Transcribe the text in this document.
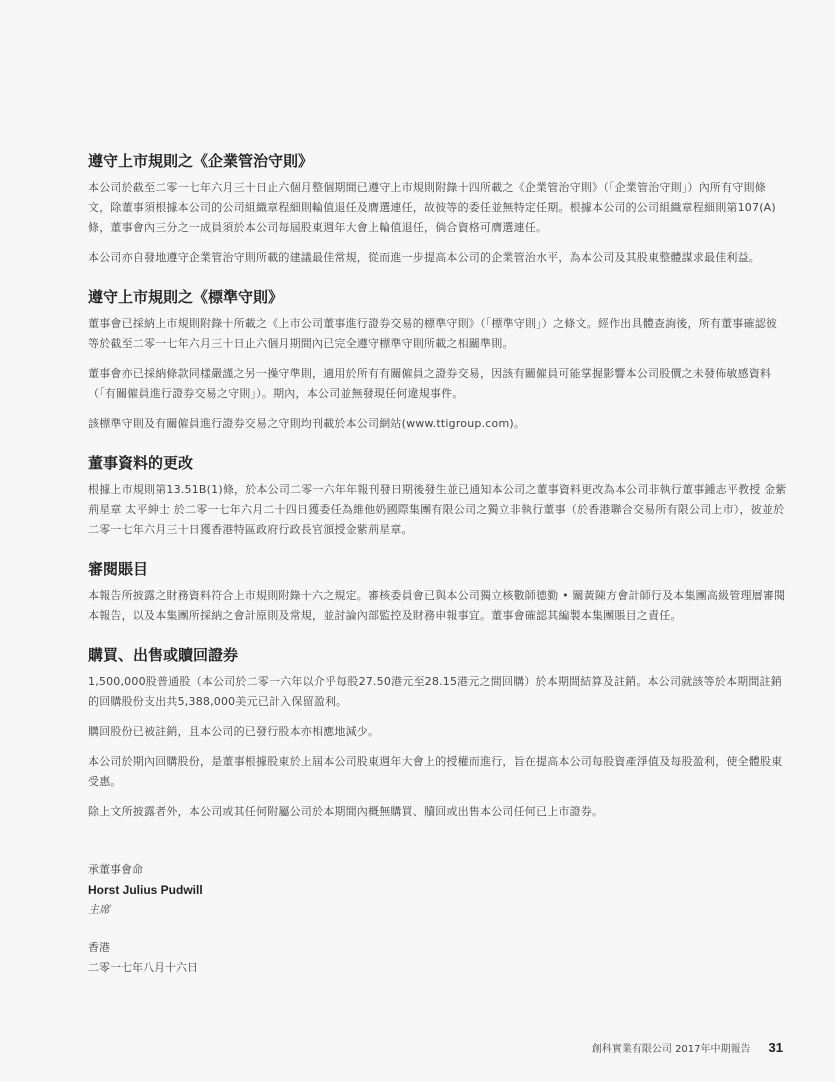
遵守上市規則之《企業管治守則》

本公司於截至二零一七年六月三十日止六個月整個期間已遵守上市規則附錄十四所載之《企業管治守則》（「企業管治守則」）內所有守則條文，除董事須根據本公司的公司組織章程細則輪值退任及膺選連任，故彼等的委任並無特定任期。根據本公司的公司組織章程細則第107(A)條，董事會內三分之一成員須於本公司每屆股東週年大會上輪值退任，倘合資格可膺選連任。

本公司亦自發地遵守企業管治守則所載的建議最佳常規，從而進一步提高本公司的企業管治水平，為本公司及其股東整體謀求最佳利益。

遵守上市規則之《標準守則》

董事會已採納上市規則附錄十所載之《上市公司董事進行證券交易的標準守則》（「標準守則」）之條文。經作出具體查詢後，所有董事確認彼等於截至二零一七年六月三十日止六個月期間內已完全遵守標準守則所載之相關準則。

董事會亦已採納條款同樣嚴謹之另一操守準則，適用於所有有關僱員之證券交易，因該有關僱員可能掌握影響本公司股價之未發佈敏感資料（「有關僱員進行證券交易之守則」）。期內，本公司並無發現任何違規事件。

該標準守則及有關僱員進行證券交易之守則均刊載於本公司網站(www.ttigroup.com)。

董事資料的更改

根據上市規則第13.51B(1)條，於本公司二零一六年年報刊發日期後發生並已通知本公司之董事資料更改為本公司非執行董事鍾志平教授 金紫荊星章 太平紳士 於二零一七年六月二十四日獲委任為維他奶國際集團有限公司之獨立非執行董事（於香港聯合交易所有限公司上市），彼並於二零一七年六月三十日獲香港特區政府行政長官頒授金紫荊星章。

審閱賬目

本報告所披露之財務資料符合上市規則附錄十六之規定。審核委員會已與本公司獨立核數師德勤 • 關黃陳方會計師行及本集團高級管理層審閱本報告，以及本集團所採納之會計原則及常規，並討論內部監控及財務申報事宜。董事會確認其編製本集團賬目之責任。

購買、出售或贖回證券

1,500,000股普通股（本公司於二零一六年以介乎每股27.50港元至28.15港元之間回購）於本期間結算及註銷。本公司就該等於本期間註銷的回購股份支出共5,388,000美元已計入保留盈利。

購回股份已被註銷，且本公司的已發行股本亦相應地減少。

本公司於期內回購股份，是董事根據股東於上屆本公司股東週年大會上的授權而進行，旨在提高本公司每股資產淨值及每股盈利，使全體股東受惠。

除上文所披露者外，本公司或其任何附屬公司於本期間內概無購買、贖回或出售本公司任何已上市證券。

承董事會命
Horst Julius Pudwill
主席
香港
二零一七年八月十六日
創科實業有限公司 2017年中期報告 31
